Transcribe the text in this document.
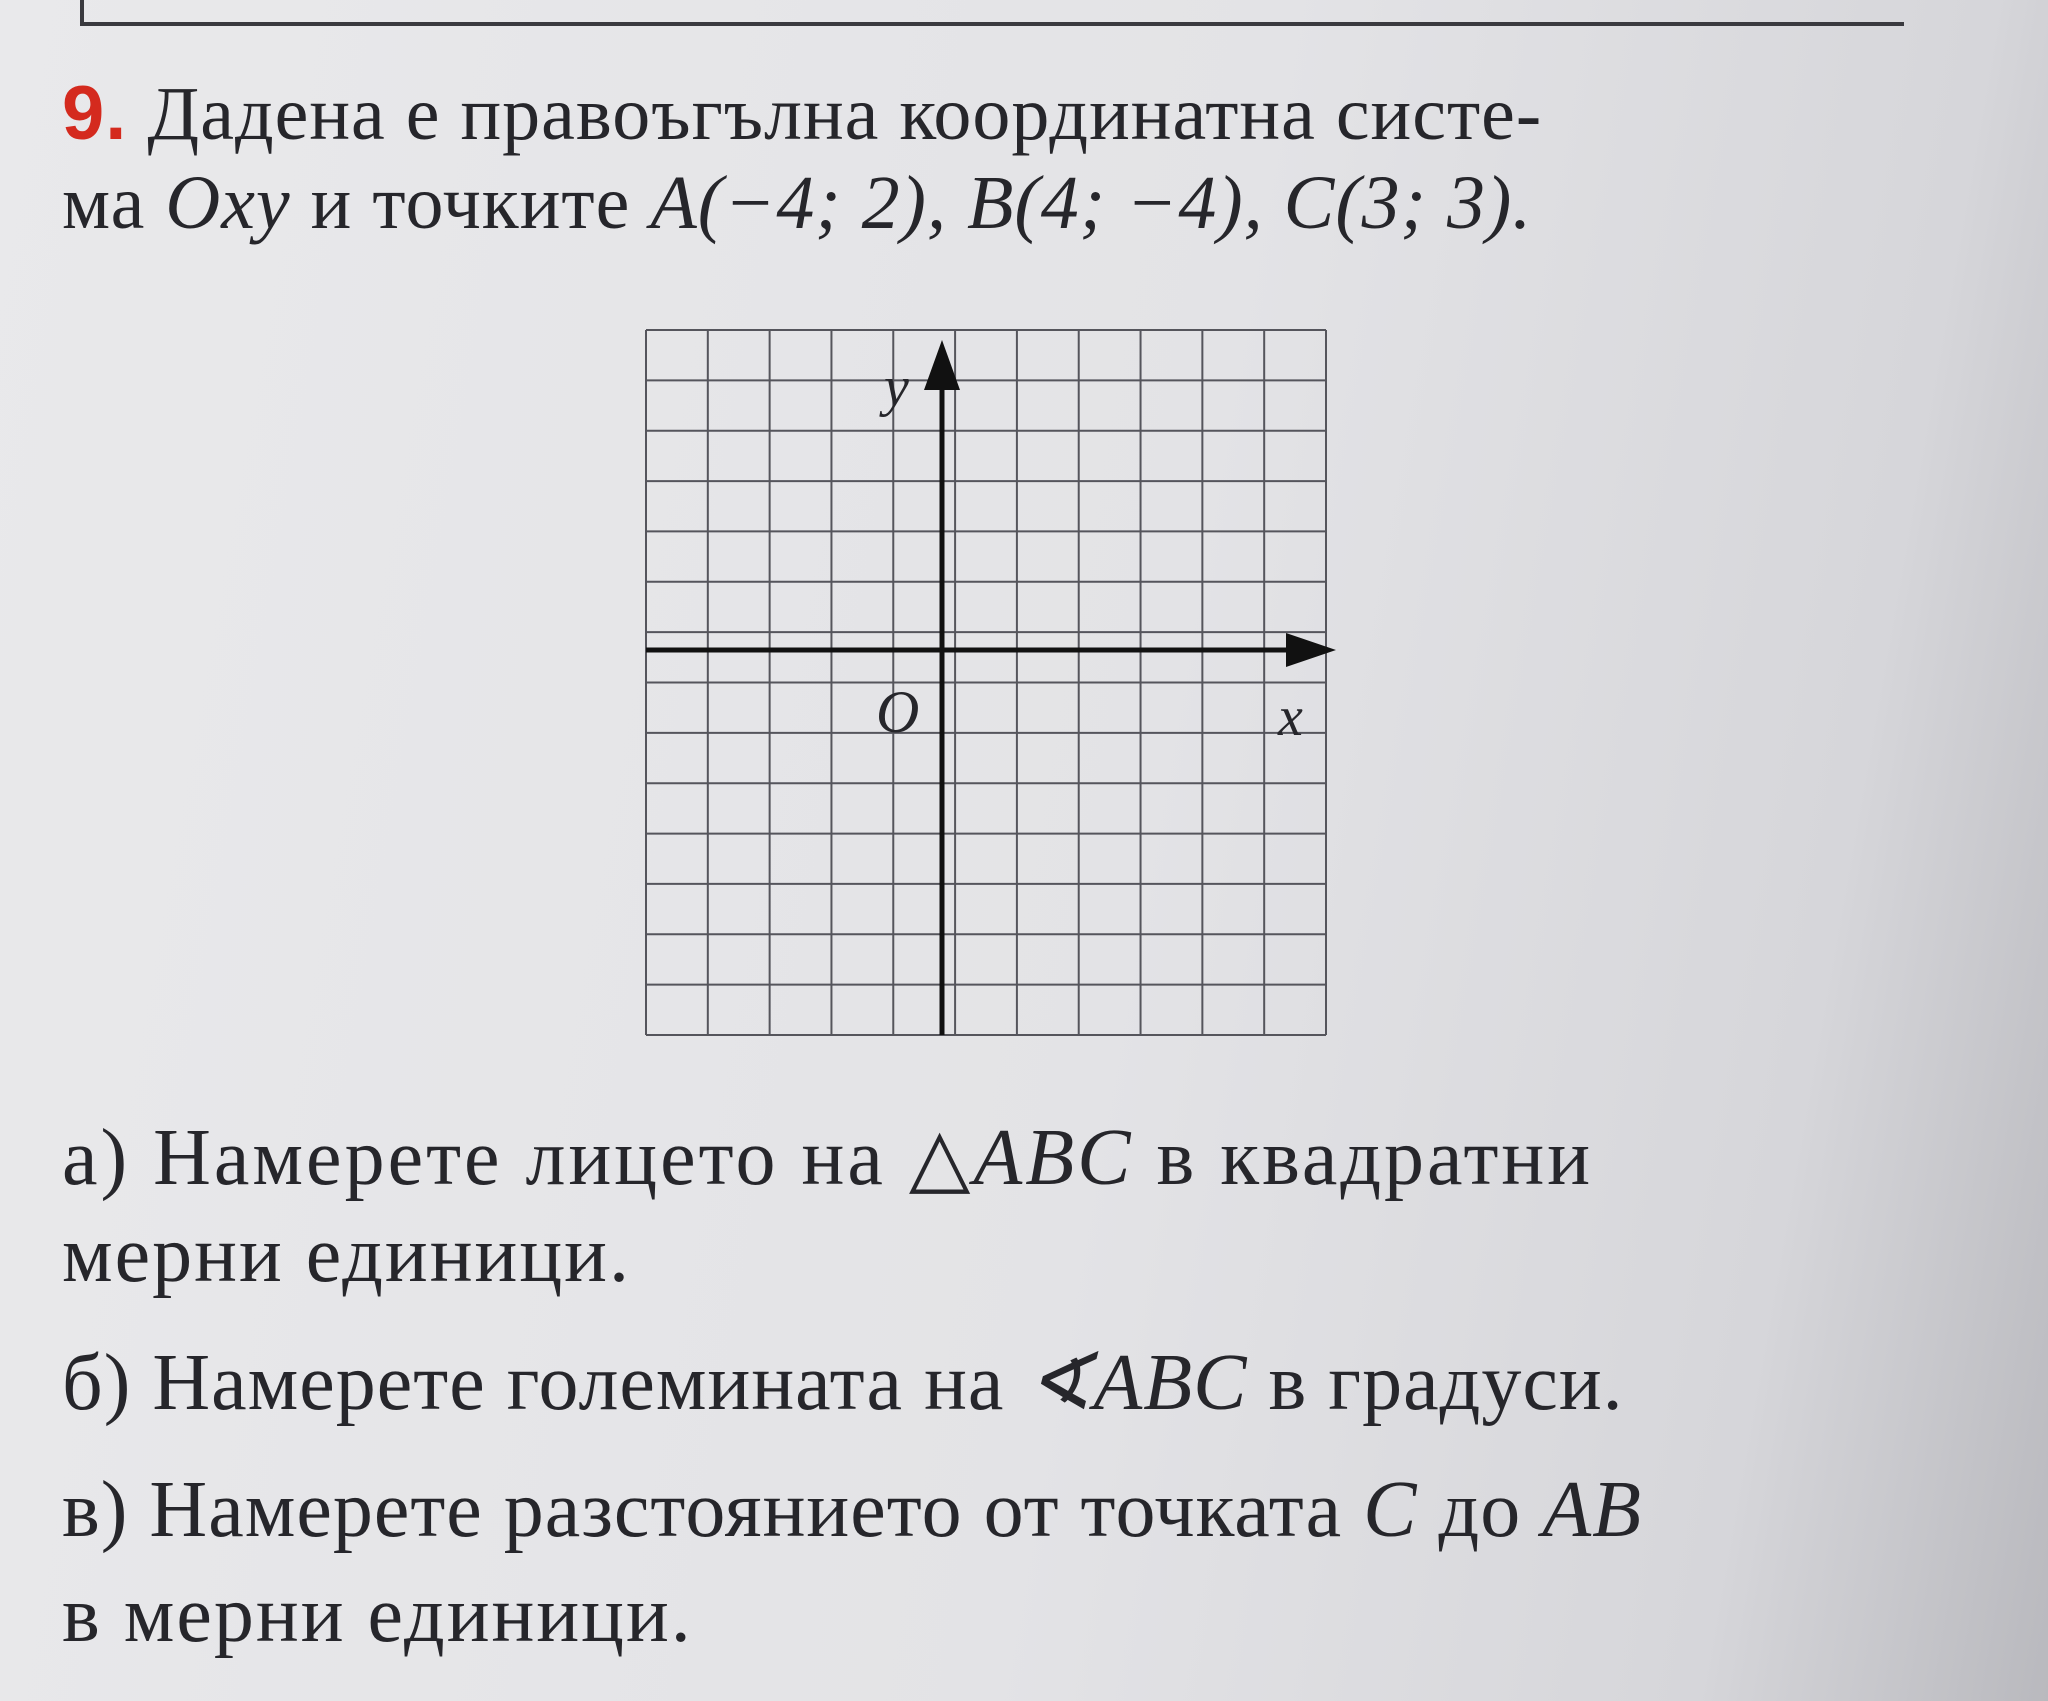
9. Дадена е правоъгълна координатна систе-
ма Oxy и точките A(−4; 2), B(4; −4), C(3; 3).
y
x
O
а) Намерете лицето на △ABC в квадратни
мерни единици.
б) Намерете големината на ∢ABC в градуси.
в) Намерете разстоянието от точката C до AB
в мерни единици.
